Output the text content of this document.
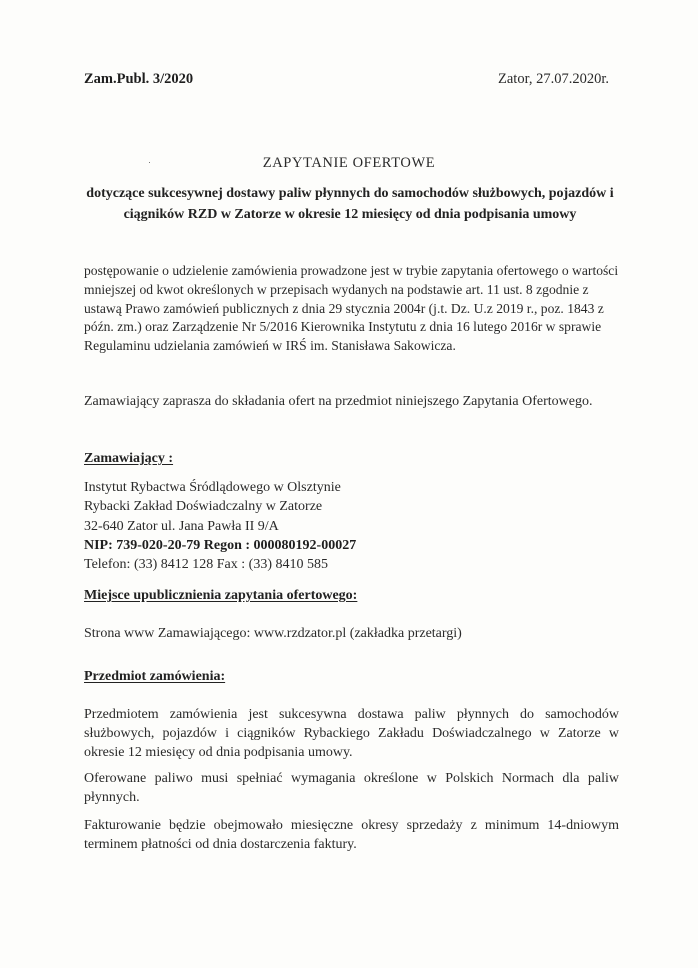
Zam.Publ. 3/2020	Zator, 27.07.2020r.
ZAPYTANIE OFERTOWE
dotyczące sukcesywnej dostawy paliw płynnych do samochodów służbowych, pojazdów i ciągników RZD w Zatorze w okresie 12 miesięcy od dnia podpisania umowy
postępowanie o udzielenie zamówienia prowadzone jest w trybie zapytania ofertowego o wartości mniejszej od kwot określonych w przepisach wydanych na podstawie art. 11 ust. 8 zgodnie z ustawą Prawo zamówień publicznych z dnia 29 stycznia 2004r (j.t. Dz. U.z 2019 r., poz. 1843 z późn. zm.) oraz Zarządzenie Nr 5/2016 Kierownika Instytutu z dnia 16 lutego 2016r w sprawie Regulaminu udzielania zamówień w IRŚ im. Stanisława Sakowicza.
Zamawiający zaprasza do składania ofert na przedmiot niniejszego Zapytania Ofertowego.
Zamawiający :
Instytut Rybactwa Śródlądowego w Olsztynie
Rybacki Zakład Doświadczalny w Zatorze
32-640 Zator ul. Jana Pawła II 9/A
NIP: 739-020-20-79 Regon : 000080192-00027
Telefon: (33) 8412 128 Fax : (33) 8410 585
Miejsce upublicznienia zapytania ofertowego:
Strona www Zamawiającego: www.rzdzator.pl (zakładka przetargi)
Przedmiot zamówienia:
Przedmiotem zamówienia jest sukcesywna dostawa paliw płynnych do samochodów służbowych, pojazdów i ciągników Rybackiego Zakładu Doświadczalnego w Zatorze w okresie 12 miesięcy od dnia podpisania umowy.
Oferowane paliwo musi spełniać wymagania określone w Polskich Normach dla paliw płynnych.
Fakturowanie będzie obejmowało miesięczne okresy sprzedaży z minimum 14-dniowym terminem płatności od dnia dostarczenia faktury.
